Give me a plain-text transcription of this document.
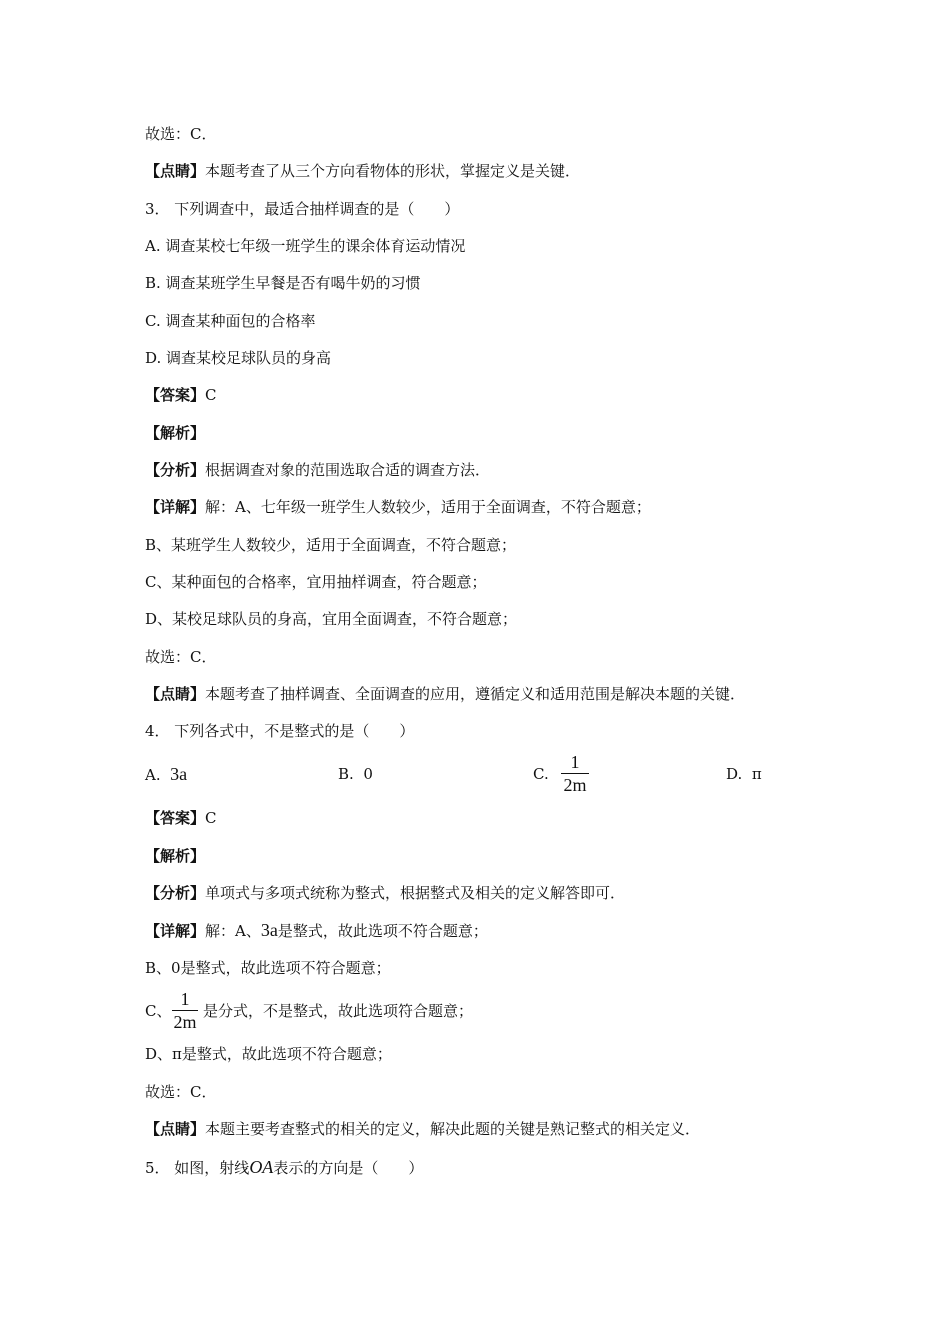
故选：C．
【点睛】本题考查了从三个方向看物体的形状，掌握定义是关键．
3． 下列调查中，最适合抽样调查的是（　　）
A. 调查某校七年级一班学生的课余体育运动情况
B. 调查某班学生早餐是否有喝牛奶的习惯
C. 调查某种面包的合格率
D. 调查某校足球队员的身高
【答案】C
【解析】
【分析】根据调查对象的范围选取合适的调查方法．
【详解】解：A、七年级一班学生人数较少，适用于全面调查，不符合题意；
B、某班学生人数较少，适用于全面调查，不符合题意；
C、某种面包的合格率，宜用抽样调查，符合题意；
D、某校足球队员的身高，宜用全面调查，不符合题意；
故选：C．
【点睛】本题考查了抽样调查、全面调查的应用，遵循定义和适用范围是解决本题的关键．
4． 下列各式中，不是整式的是（　　）
A. 3a	B. 0	C.
1
2m
D. π
【答案】C
【解析】
【分析】单项式与多项式统称为整式，根据整式及相关的定义解答即可．
【详解】解：A、3a是整式，故此选项不符合题意；
B、0是整式，故此选项不符合题意；
C、
1
2m
是分式，不是整式，故此选项符合题意；
D、π是整式，故此选项不符合题意；
故选：C．
【点睛】本题主要考查整式的相关的定义，解决此题的关键是熟记整式的相关定义．
5． 如图，射线OA表示的方向是（　　）
